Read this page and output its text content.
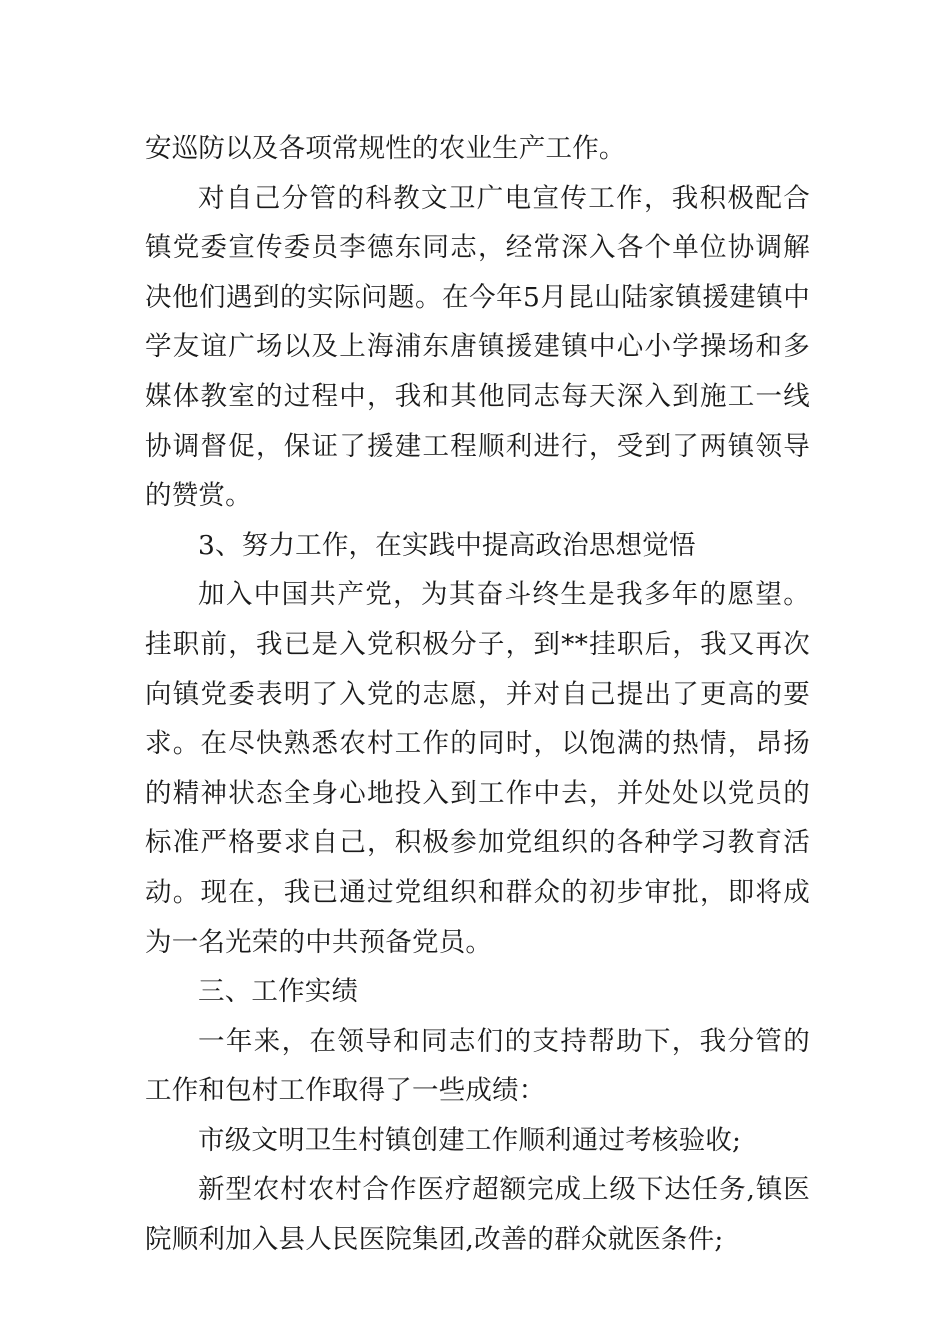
安巡防以及各项常规性的农业生产工作。

对自己分管的科教文卫广电宣传工作，我积极配合镇党委宣传委员李德东同志，经常深入各个单位协调解决他们遇到的实际问题。在今年5月昆山陆家镇援建镇中学友谊广场以及上海浦东唐镇援建镇中心小学操场和多媒体教室的过程中，我和其他同志每天深入到施工一线协调督促，保证了援建工程顺利进行，受到了两镇领导的赞赏。

3、努力工作，在实践中提高政治思想觉悟

加入中国共产党，为其奋斗终生是我多年的愿望。挂职前，我已是入党积极分子，到**挂职后，我又再次向镇党委表明了入党的志愿，并对自己提出了更高的要求。在尽快熟悉农村工作的同时，以饱满的热情，昂扬的精神状态全身心地投入到工作中去，并处处以党员的标准严格要求自己，积极参加党组织的各种学习教育活动。现在，我已通过党组织和群众的初步审批，即将成为一名光荣的中共预备党员。

三、工作实绩

一年来，在领导和同志们的支持帮助下，我分管的工作和包村工作取得了一些成绩：

市级文明卫生村镇创建工作顺利通过考核验收;

新型农村农村合作医疗超额完成上级下达任务,镇医院顺利加入县人民医院集团,改善的群众就医条件;
